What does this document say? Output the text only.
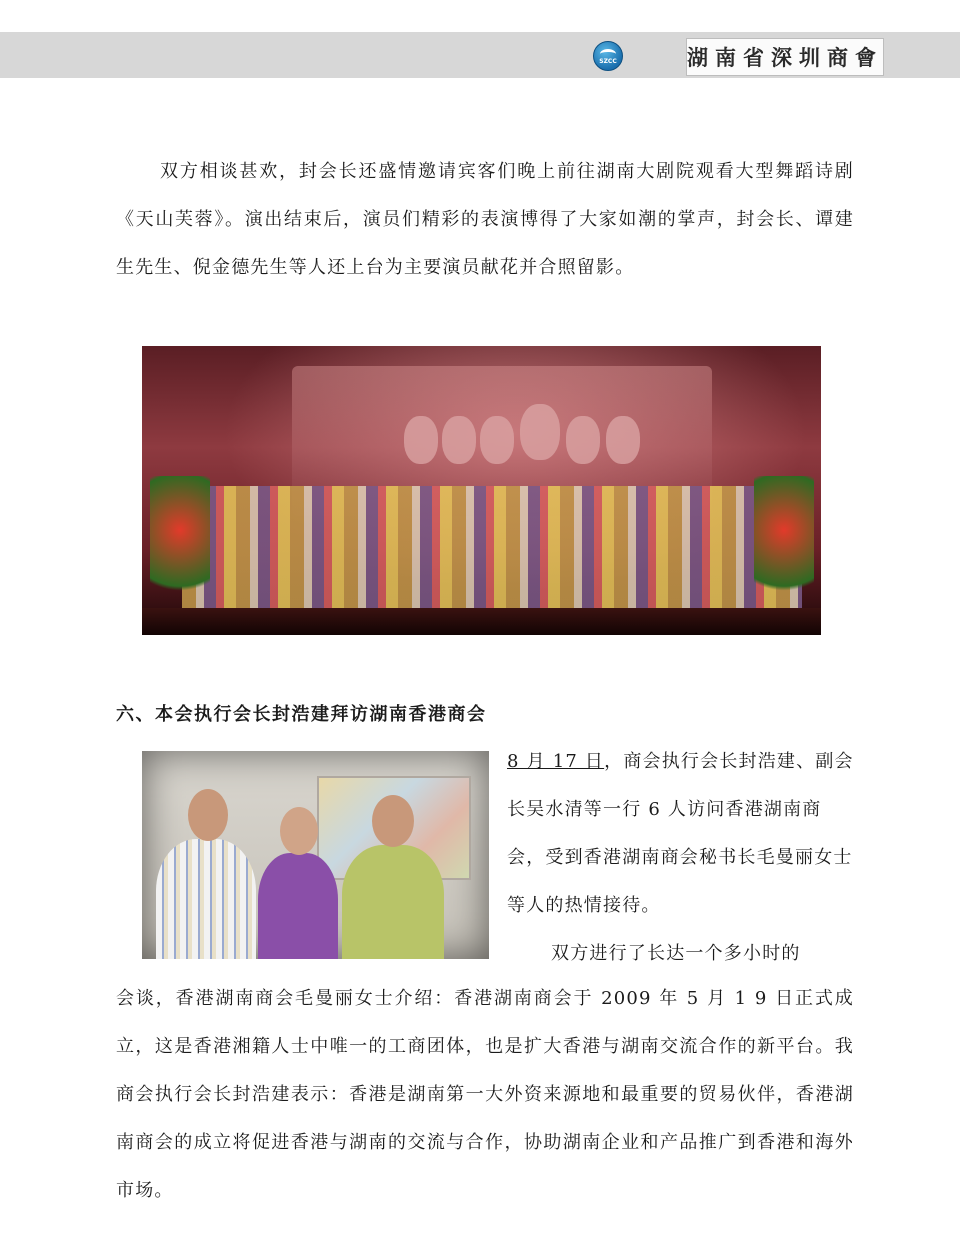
SZCC	湖南省深圳商會
双方相谈甚欢，封会长还盛情邀请宾客们晚上前往湖南大剧院观看大型舞蹈诗剧《天山芙蓉》。演出结束后，演员们精彩的表演博得了大家如潮的掌声，封会长、谭建生先生、倪金德先生等人还上台为主要演员献花并合照留影。
六、本会执行会长封浩建拜访湖南香港商会

8 月 17 日，商会执行会长封浩建、副会长吴水清等一行 6 人访问香港湖南商会，受到香港湖南商会秘书长毛曼丽女士等人的热情接待。

双方进行了长达一个多小时的

会谈，香港湖南商会毛曼丽女士介绍：香港湖南商会于 2009 年 5 月 1 9 日正式成立，这是香港湘籍人士中唯一的工商团体，也是扩大香港与湖南交流合作的新平台。我商会执行会长封浩建表示：香港是湖南第一大外资来源地和最重要的贸易伙伴，香港湖南商会的成立将促进香港与湖南的交流与合作，协助湖南企业和产品推广到香港和海外市场。
